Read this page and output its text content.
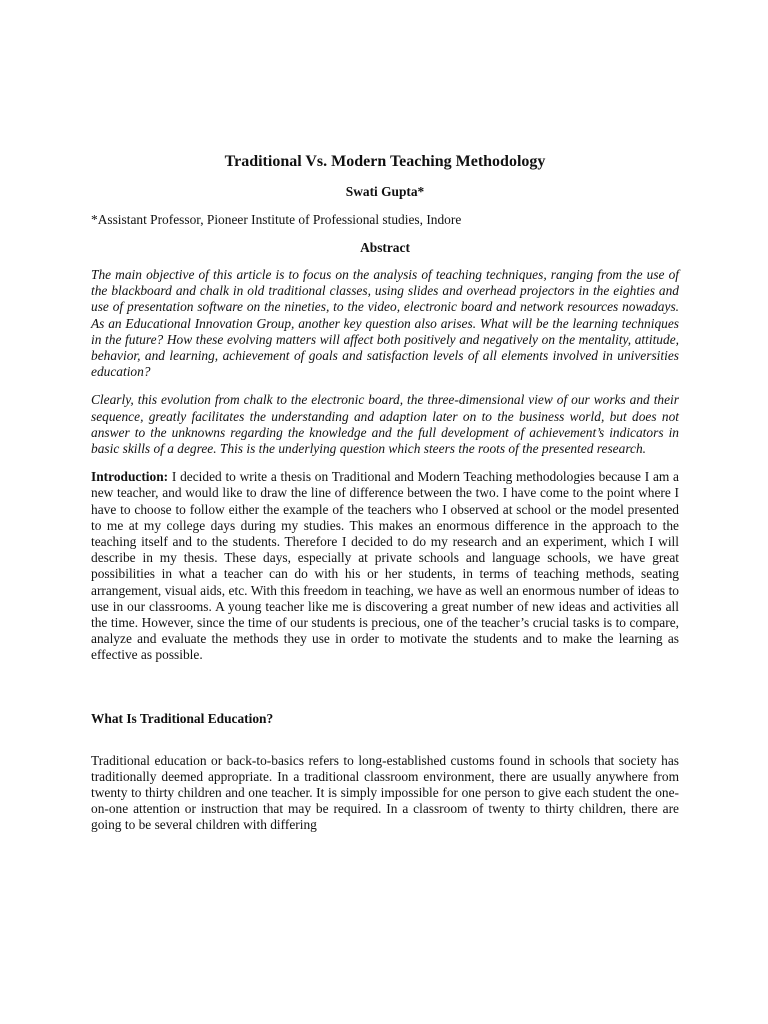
Traditional Vs. Modern Teaching Methodology
Swati Gupta*
*Assistant Professor, Pioneer Institute of Professional studies, Indore
Abstract

The main objective of this article is to focus on the analysis of teaching techniques, ranging from the use of the blackboard and chalk in old traditional classes, using slides and overhead projectors in the eighties and use of presentation software on the nineties, to the video, electronic board and network resources nowadays. As an Educational Innovation Group, another key question also arises. What will be the learning techniques in the future? How these evolving matters will affect both positively and negatively on the mentality, attitude, behavior, and learning, achievement of goals and satisfaction levels of all elements involved in universities education?

Clearly, this evolution from chalk to the electronic board, the three-dimensional view of our works and their sequence, greatly facilitates the understanding and adaption later on to the business world, but does not answer to the unknowns regarding the knowledge and the full development of achievement’s indicators in basic skills of a degree. This is the underlying question which steers the roots of the presented research.

Introduction: I decided to write a thesis on Traditional and Modern Teaching methodologies because I am a new teacher, and would like to draw the line of difference between the two. I have come to the point where I have to choose to follow either the example of the teachers who I observed at school or the model presented to me at my college days during my studies. This makes an enormous difference in the approach to the teaching itself and to the students. Therefore I decided to do my research and an experiment, which I will describe in my thesis. These days, especially at private schools and language schools, we have great possibilities in what a teacher can do with his or her students, in terms of teaching methods, seating arrangement, visual aids, etc. With this freedom in teaching, we have as well an enormous number of ideas to use in our classrooms. A young teacher like me is discovering a great number of new ideas and activities all the time. However, since the time of our students is precious, one of the teacher’s crucial tasks is to compare, analyze and evaluate the methods they use in order to motivate the students and to make the learning as effective as possible.

What Is Traditional Education?

Traditional education or back-to-basics refers to long-established customs found in schools that society has traditionally deemed appropriate. In a traditional classroom environment, there are usually anywhere from twenty to thirty children and one teacher. It is simply impossible for one person to give each student the one-on-one attention or instruction that may be required. In a classroom of twenty to thirty children, there are going to be several children with differing
